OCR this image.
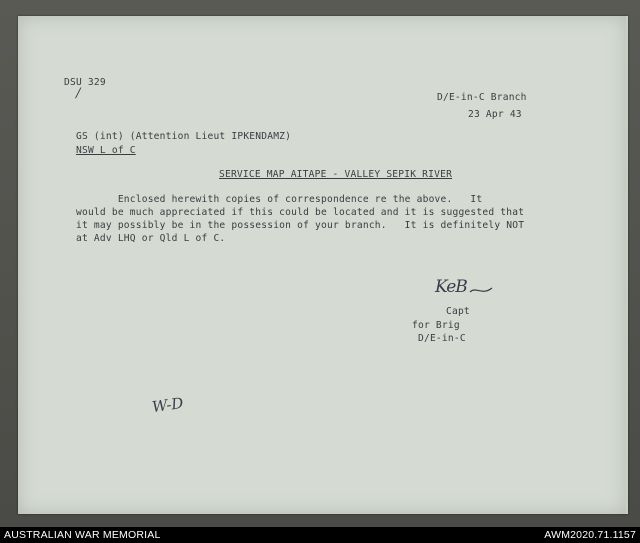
DSU 329
/	D/E-in-C Branch
23 Apr 43
GS (int) (Attention Lieut IPKENDAMZ)
NSW L of C
SERVICE MAP AITAPE - VALLEY SEPIK RIVER
Enclosed herewith copies of correspondence re the above.   It
would be much appreciated if this could be located and it is suggested that
it may possibly be in the possession of your branch.   It is definitely NOT
at Adv LHQ or Qld L of C.
KeB
Capt
for Brig
D/E-in-C
W-D
AUSTRALIAN WAR MEMORIAL	AWM2020.71.1157
